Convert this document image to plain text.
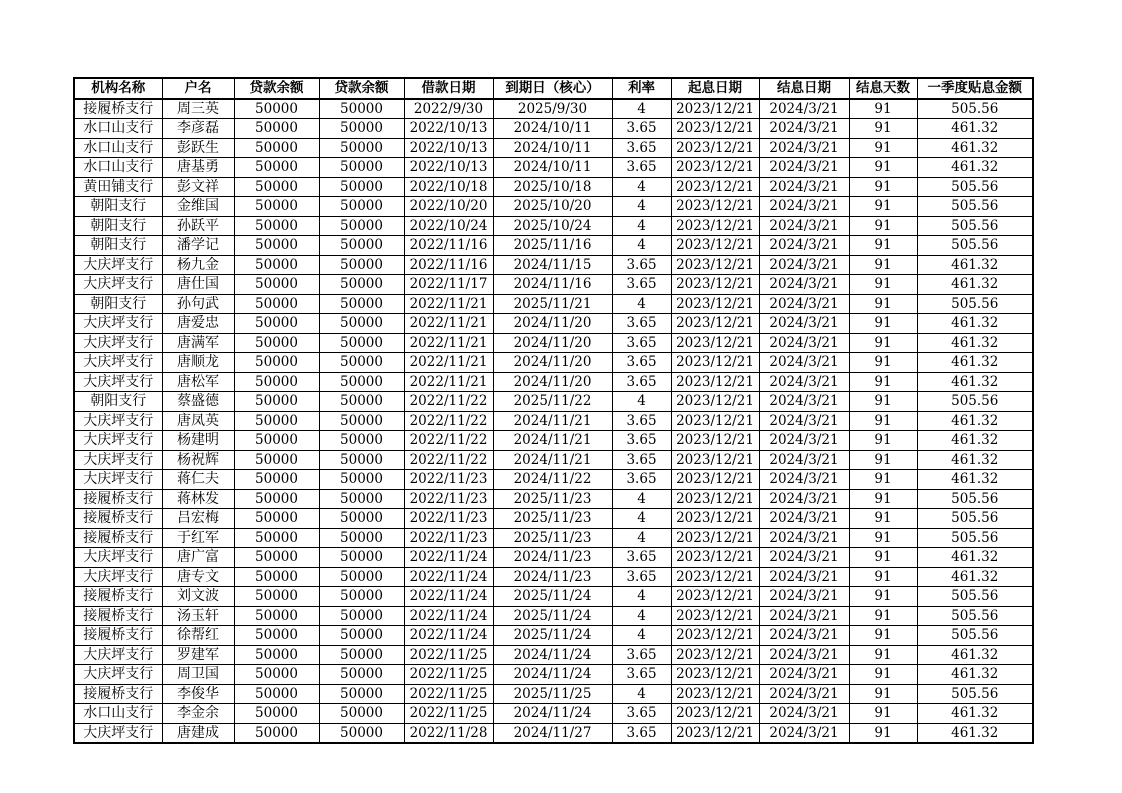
机构名称	户名	贷款余额	贷款余额	借款日期	到期日（核心）	利率	起息日期	结息日期	结息天数	一季度贴息金额
接履桥支行	周三英	50000	50000	2022/9/30	2025/9/30	4	2023/12/21	2024/3/21	91	505.56
水口山支行	李彦磊	50000	50000	2022/10/13	2024/10/11	3.65	2023/12/21	2024/3/21	91	461.32
水口山支行	彭跃生	50000	50000	2022/10/13	2024/10/11	3.65	2023/12/21	2024/3/21	91	461.32
水口山支行	唐基勇	50000	50000	2022/10/13	2024/10/11	3.65	2023/12/21	2024/3/21	91	461.32
黄田铺支行	彭文祥	50000	50000	2022/10/18	2025/10/18	4	2023/12/21	2024/3/21	91	505.56
朝阳支行	金维国	50000	50000	2022/10/20	2025/10/20	4	2023/12/21	2024/3/21	91	505.56
朝阳支行	孙跃平	50000	50000	2022/10/24	2025/10/24	4	2023/12/21	2024/3/21	91	505.56
朝阳支行	潘学记	50000	50000	2022/11/16	2025/11/16	4	2023/12/21	2024/3/21	91	505.56
大庆坪支行	杨九金	50000	50000	2022/11/16	2024/11/15	3.65	2023/12/21	2024/3/21	91	461.32
大庆坪支行	唐仕国	50000	50000	2022/11/17	2024/11/16	3.65	2023/12/21	2024/3/21	91	461.32
朝阳支行	孙句武	50000	50000	2022/11/21	2025/11/21	4	2023/12/21	2024/3/21	91	505.56
大庆坪支行	唐爱忠	50000	50000	2022/11/21	2024/11/20	3.65	2023/12/21	2024/3/21	91	461.32
大庆坪支行	唐满军	50000	50000	2022/11/21	2024/11/20	3.65	2023/12/21	2024/3/21	91	461.32
大庆坪支行	唐顺龙	50000	50000	2022/11/21	2024/11/20	3.65	2023/12/21	2024/3/21	91	461.32
大庆坪支行	唐松军	50000	50000	2022/11/21	2024/11/20	3.65	2023/12/21	2024/3/21	91	461.32
朝阳支行	蔡盛德	50000	50000	2022/11/22	2025/11/22	4	2023/12/21	2024/3/21	91	505.56
大庆坪支行	唐凤英	50000	50000	2022/11/22	2024/11/21	3.65	2023/12/21	2024/3/21	91	461.32
大庆坪支行	杨建明	50000	50000	2022/11/22	2024/11/21	3.65	2023/12/21	2024/3/21	91	461.32
大庆坪支行	杨祝辉	50000	50000	2022/11/22	2024/11/21	3.65	2023/12/21	2024/3/21	91	461.32
大庆坪支行	蒋仁夫	50000	50000	2022/11/23	2024/11/22	3.65	2023/12/21	2024/3/21	91	461.32
接履桥支行	蒋林发	50000	50000	2022/11/23	2025/11/23	4	2023/12/21	2024/3/21	91	505.56
接履桥支行	吕宏梅	50000	50000	2022/11/23	2025/11/23	4	2023/12/21	2024/3/21	91	505.56
接履桥支行	于红军	50000	50000	2022/11/23	2025/11/23	4	2023/12/21	2024/3/21	91	505.56
大庆坪支行	唐广富	50000	50000	2022/11/24	2024/11/23	3.65	2023/12/21	2024/3/21	91	461.32
大庆坪支行	唐专文	50000	50000	2022/11/24	2024/11/23	3.65	2023/12/21	2024/3/21	91	461.32
接履桥支行	刘文波	50000	50000	2022/11/24	2025/11/24	4	2023/12/21	2024/3/21	91	505.56
接履桥支行	汤玉轩	50000	50000	2022/11/24	2025/11/24	4	2023/12/21	2024/3/21	91	505.56
接履桥支行	徐帮红	50000	50000	2022/11/24	2025/11/24	4	2023/12/21	2024/3/21	91	505.56
大庆坪支行	罗建军	50000	50000	2022/11/25	2024/11/24	3.65	2023/12/21	2024/3/21	91	461.32
大庆坪支行	周卫国	50000	50000	2022/11/25	2024/11/24	3.65	2023/12/21	2024/3/21	91	461.32
接履桥支行	李俊华	50000	50000	2022/11/25	2025/11/25	4	2023/12/21	2024/3/21	91	505.56
水口山支行	李金余	50000	50000	2022/11/25	2024/11/24	3.65	2023/12/21	2024/3/21	91	461.32
大庆坪支行	唐建成	50000	50000	2022/11/28	2024/11/27	3.65	2023/12/21	2024/3/21	91	461.32
